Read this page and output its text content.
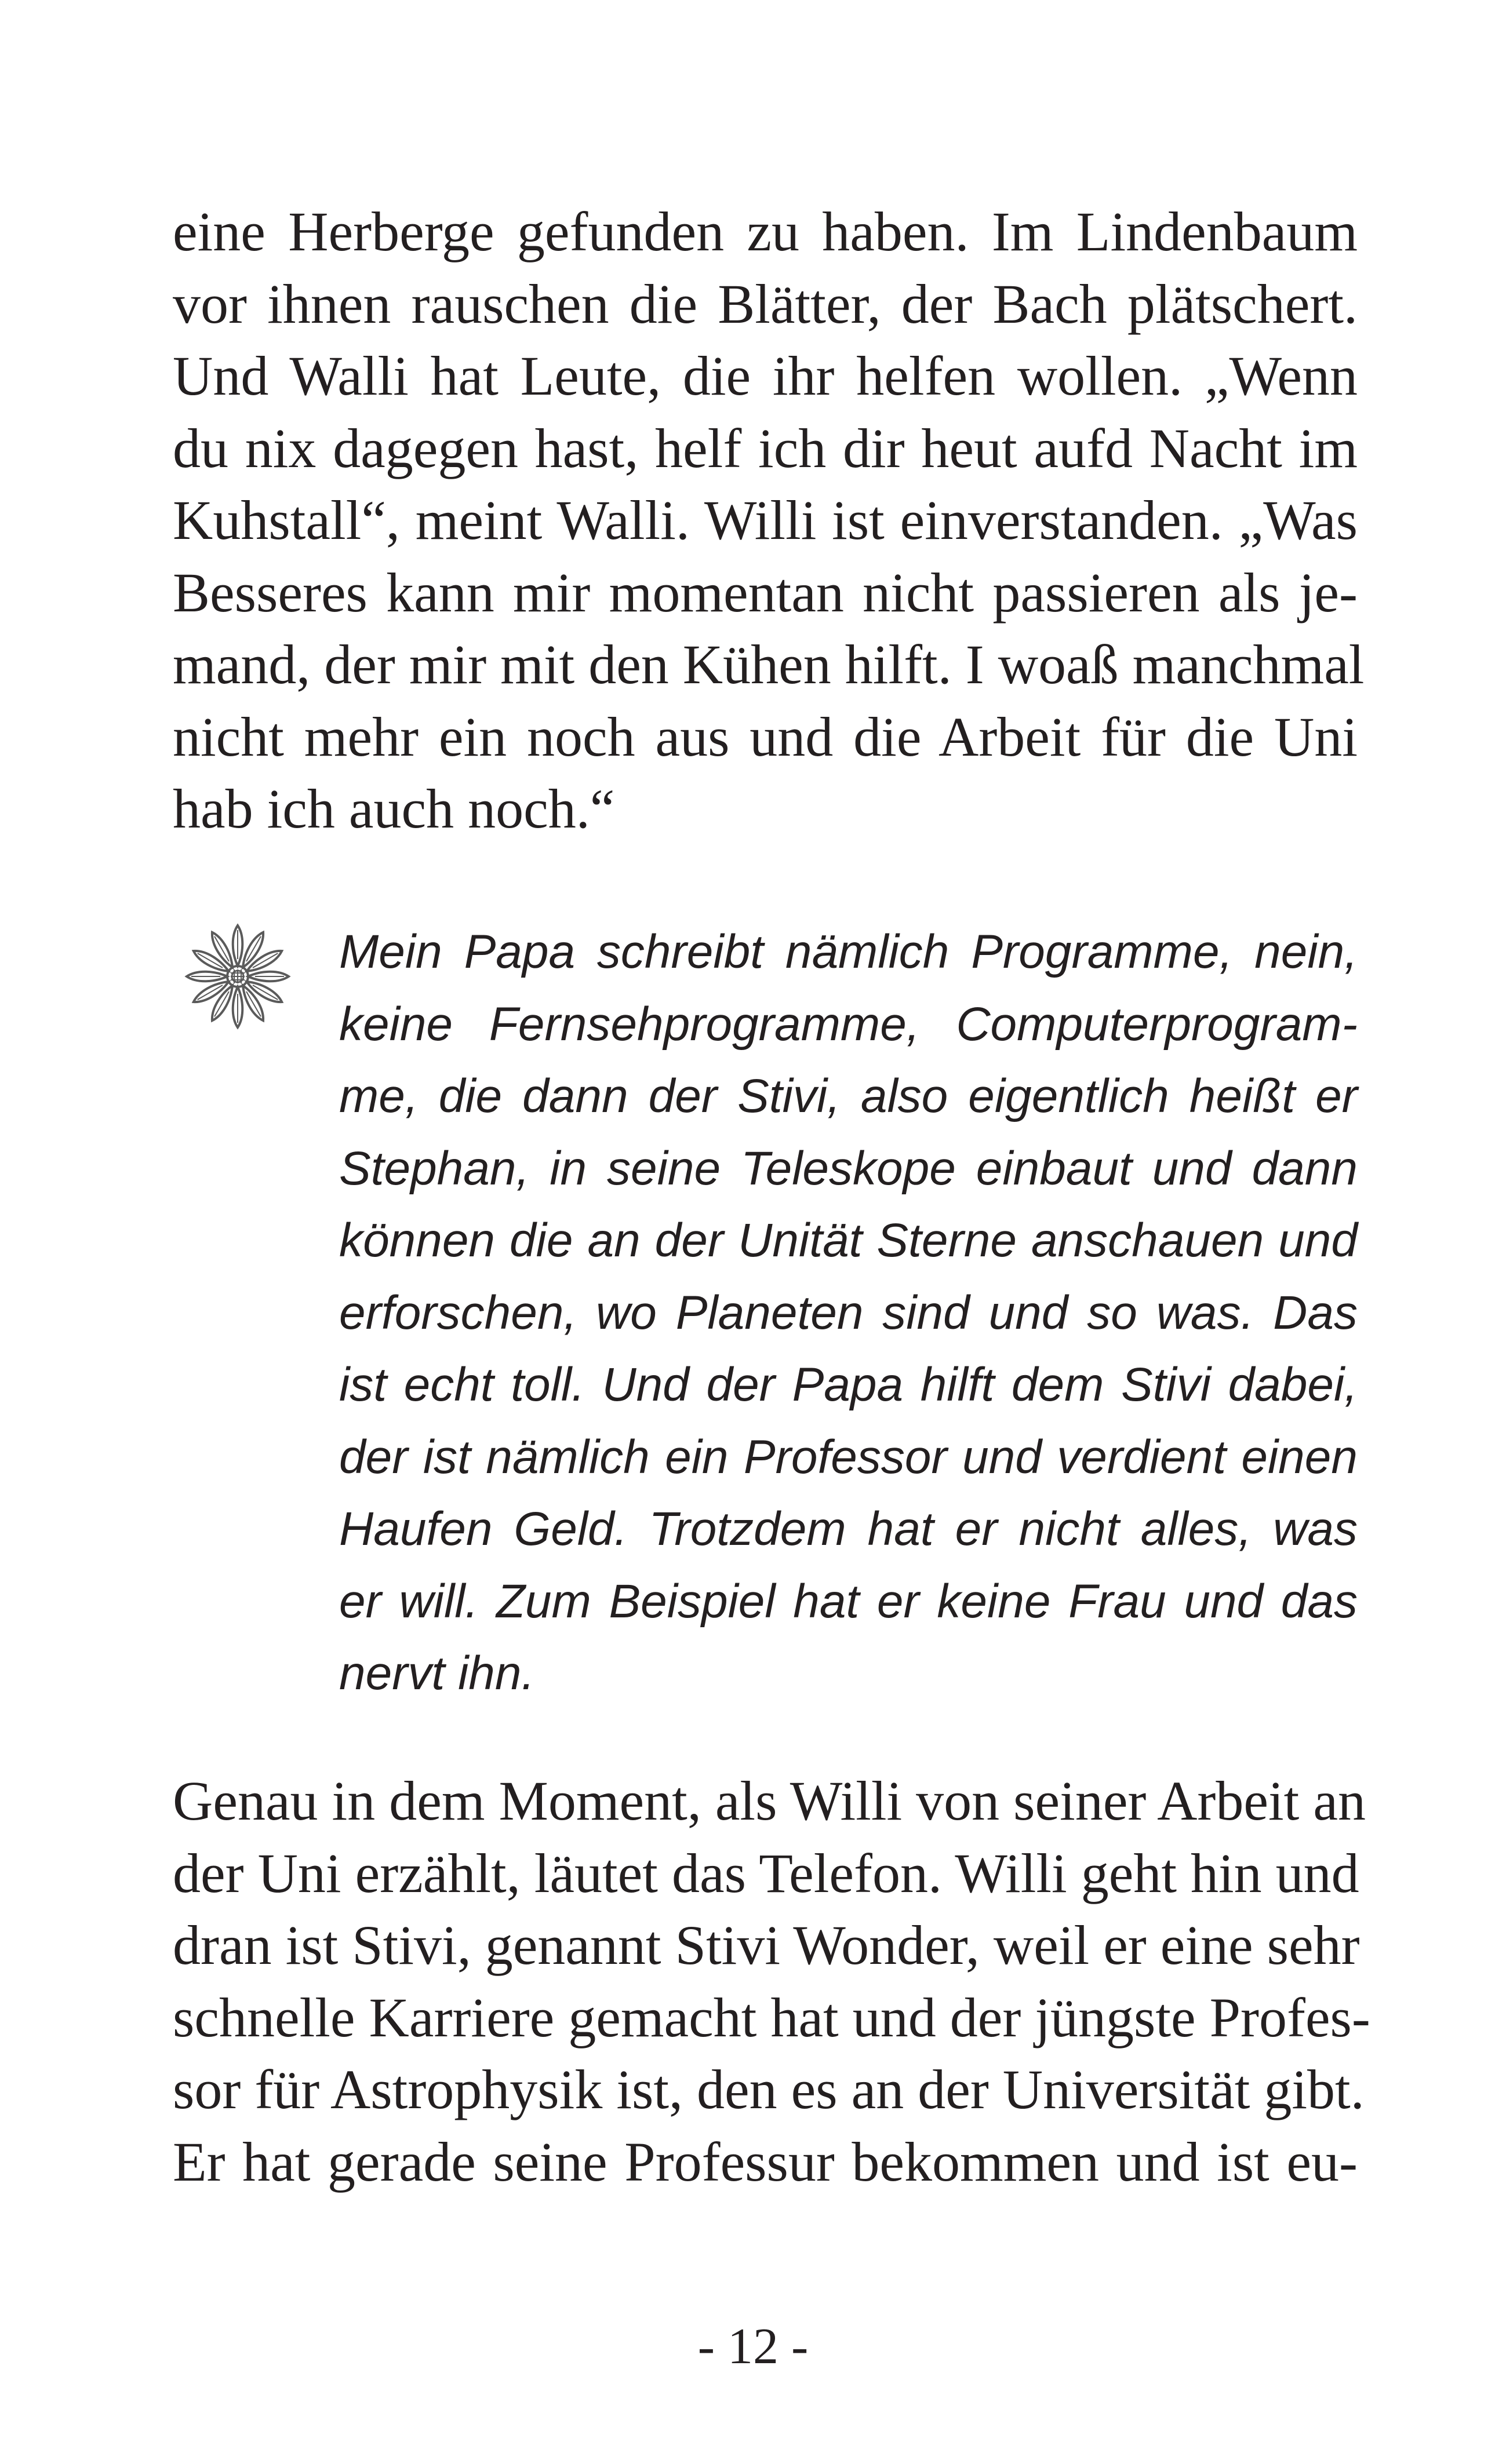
eine Herberge gefunden zu haben. Im Lindenbaum
vor ihnen rauschen die Blätter, der Bach plätschert.
Und Walli hat Leute, die ihr helfen wollen. „Wenn
du nix dagegen hast, helf ich dir heut aufd Nacht im
Kuhstall“, meint Walli. Willi ist einverstanden. „Was
Besseres kann mir momentan nicht passieren als je-
mand, der mir mit den Kühen hilft. I woaß manchmal
nicht mehr ein noch aus und die Arbeit für die Uni
hab ich auch noch.“
Mein Papa schreibt nämlich Programme, nein,
keine Fernsehprogramme, Computerprogram-
me, die dann der Stivi, also eigentlich heißt er
Stephan, in seine Teleskope einbaut und dann
können die an der Unität Sterne anschauen und
erforschen, wo Planeten sind und so was. Das
ist echt toll. Und der Papa hilft dem Stivi dabei,
der ist nämlich ein Professor und verdient einen
Haufen Geld. Trotzdem hat er nicht alles, was
er will. Zum Beispiel hat er keine Frau und das
nervt ihn.
Genau in dem Moment, als Willi von seiner Arbeit an
der Uni erzählt, läutet das Telefon. Willi geht hin und
dran ist Stivi, genannt Stivi Wonder, weil er eine sehr
schnelle Karriere gemacht hat und der jüngste Profes-
sor für Astrophysik ist, den es an der Universität gibt.
Er hat gerade seine Professur bekommen und ist eu-
- 12 -
